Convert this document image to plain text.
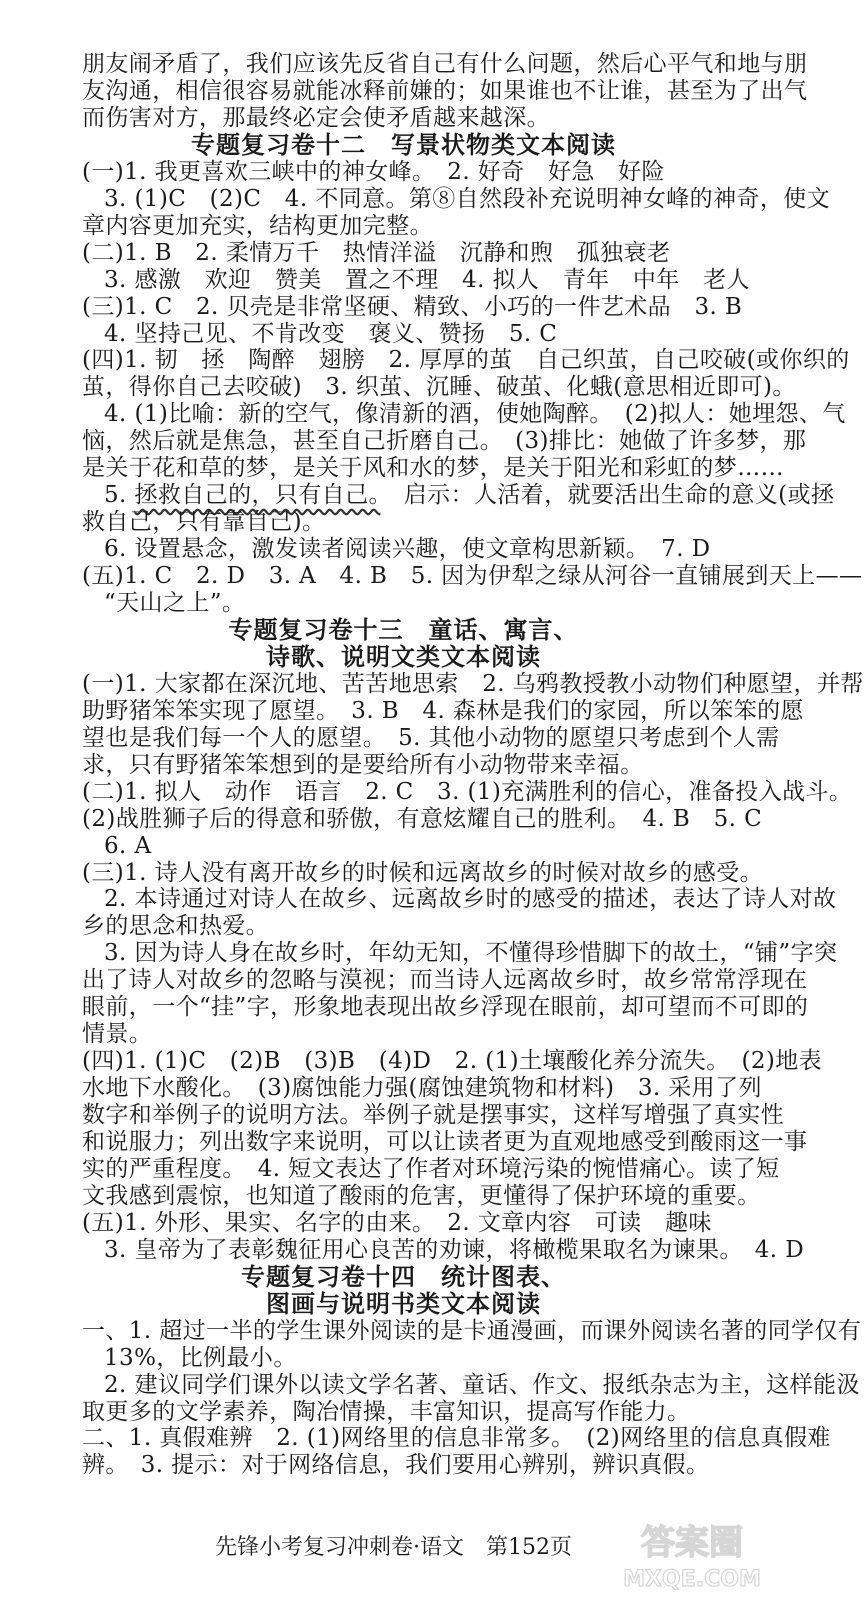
朋友闹矛盾了，我们应该先反省自己有什么问题，然后心平气和地与朋
友沟通，相信很容易就能冰释前嫌的；如果谁也不让谁，甚至为了出气
而伤害对方，那最终必定会使矛盾越来越深。
专题复习卷十二　写景状物类文本阅读
(一)1. 我更喜欢三峡中的神女峰。　2. 好奇　好急　好险
3. (1)C　(2)C　4. 不同意。第⑧自然段补充说明神女峰的神奇，使文
章内容更加充实，结构更加完整。
(二)1. B　2. 柔情万千　热情洋溢　沉静和煦　孤独衰老
3. 感激　欢迎　赞美　置之不理　4. 拟人　青年　中年　老人
(三)1. C　2. 贝壳是非常坚硬、精致、小巧的一件艺术品　3. B
4. 坚持己见、不肯改变　褒义、赞扬　5. C
(四)1. 韧　拯　陶醉　翅膀　2. 厚厚的茧　自己织茧，自己咬破(或你织的
茧，得你自己去咬破)　3. 织茧、沉睡、破茧、化蛾(意思相近即可)。
4. (1)比喻：新的空气，像清新的酒，使她陶醉。　(2)拟人：她埋怨、气
恼，然后就是焦急，甚至自己折磨自己。　(3)排比：她做了许多梦，那
是关于花和草的梦，是关于风和水的梦，是关于阳光和彩虹的梦……
5. 拯救自己的，只有自己。　启示：人活着，就要活出生命的意义(或拯
救自己，只有靠自己)。
6. 设置悬念，激发读者阅读兴趣，使文章构思新颖。　7. D
(五)1. C　2. D　3. A　4. B　5. 因为伊犁之绿从河谷一直铺展到天上——
“天山之上”。
专题复习卷十三　童话、寓言、
诗歌、说明文类文本阅读
(一)1. 大家都在深沉地、苦苦地思索　2. 乌鸦教授教小动物们种愿望，并帮
助野猪笨笨实现了愿望。　3. B　4. 森林是我们的家园，所以笨笨的愿
望也是我们每一个人的愿望。　5. 其他小动物的愿望只考虑到个人需
求，只有野猪笨笨想到的是要给所有小动物带来幸福。
(二)1. 拟人　动作　语言　2. C　3. (1)充满胜利的信心，准备投入战斗。
(2)战胜狮子后的得意和骄傲，有意炫耀自己的胜利。　4. B　5. C
6. A
(三)1. 诗人没有离开故乡的时候和远离故乡的时候对故乡的感受。
2. 本诗通过对诗人在故乡、远离故乡时的感受的描述，表达了诗人对故
乡的思念和热爱。
3. 因为诗人身在故乡时，年幼无知，不懂得珍惜脚下的故土，“铺”字突
出了诗人对故乡的忽略与漠视；而当诗人远离故乡时，故乡常常浮现在
眼前，一个“挂”字，形象地表现出故乡浮现在眼前，却可望而不可即的
情景。
(四)1. (1)C　(2)B　(3)B　(4)D　2. (1)土壤酸化养分流失。　(2)地表
水地下水酸化。　(3)腐蚀能力强(腐蚀建筑物和材料)　3. 采用了列
数字和举例子的说明方法。举例子就是摆事实，这样写增强了真实性
和说服力；列出数字来说明，可以让读者更为直观地感受到酸雨这一事
实的严重程度。　4. 短文表达了作者对环境污染的惋惜痛心。读了短
文我感到震惊，也知道了酸雨的危害，更懂得了保护环境的重要。
(五)1. 外形、果实、名字的由来。　2. 文章内容　可读　趣味
3. 皇帝为了表彰魏征用心良苦的劝谏，将橄榄果取名为谏果。　4. D
专题复习卷十四　统计图表、
图画与说明书类文本阅读
一、1. 超过一半的学生课外阅读的是卡通漫画，而课外阅读名著的同学仅有
13%，比例最小。
2. 建议同学们课外以读文学名著、童话、作文、报纸杂志为主，这样能汲
取更多的文学素养，陶冶情操，丰富知识，提高写作能力。
二、1. 真假难辨　2. (1)网络里的信息非常多。　(2)网络里的信息真假难
辨。　3. 提示：对于网络信息，我们要用心辨别，辨识真假。
先锋小考复习冲刺卷·语文　第152页	答案圈
MXQE.COM
